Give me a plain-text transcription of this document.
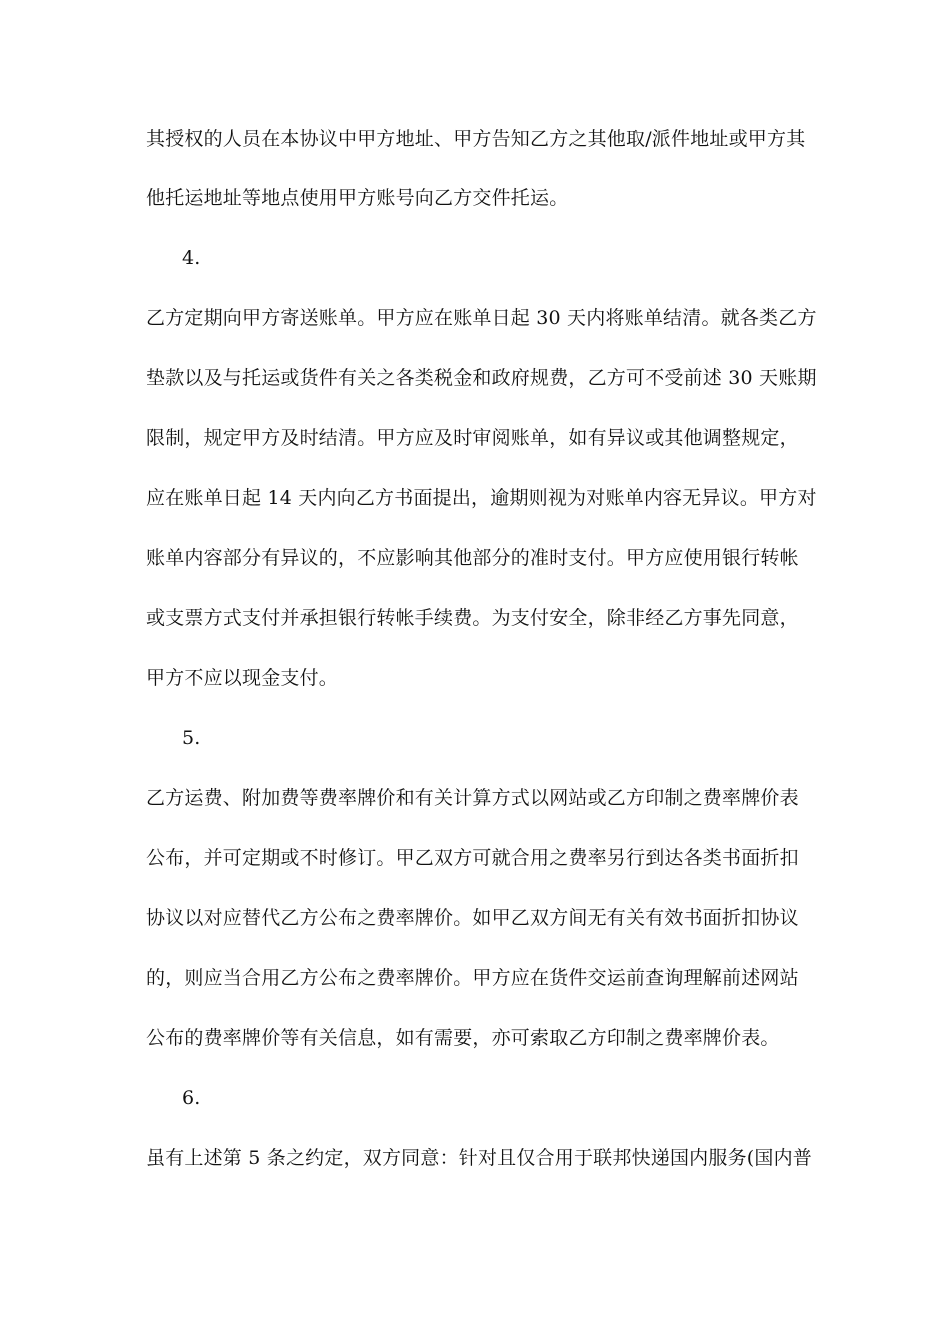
其授权的人员在本协议中甲方地址、甲方告知乙方之其他取/派件地址或甲方其
他托运地址等地点使用甲方账号向乙方交件托运。
4.
乙方定期向甲方寄送账单。甲方应在账单日起 30 天内将账单结清。就各类乙方
垫款以及与托运或货件有关之各类税金和政府规费，乙方可不受前述 30 天账期
限制，规定甲方及时结清。甲方应及时审阅账单，如有异议或其他调整规定，
应在账单日起 14 天内向乙方书面提出，逾期则视为对账单内容无异议。甲方对
账单内容部分有异议的，不应影响其他部分的准时支付。甲方应使用银行转帐
或支票方式支付并承担银行转帐手续费。为支付安全，除非经乙方事先同意，
甲方不应以现金支付。
5.
乙方运费、附加费等费率牌价和有关计算方式以网站或乙方印制之费率牌价表
公布，并可定期或不时修订。甲乙双方可就合用之费率另行到达各类书面折扣
协议以对应替代乙方公布之费率牌价。如甲乙双方间无有关有效书面折扣协议
的，则应当合用乙方公布之费率牌价。甲方应在货件交运前查询理解前述网站
公布的费率牌价等有关信息，如有需要，亦可索取乙方印制之费率牌价表。
6.
虽有上述第 5 条之约定，双方同意：针对且仅合用于联邦快递国内服务(国内普
